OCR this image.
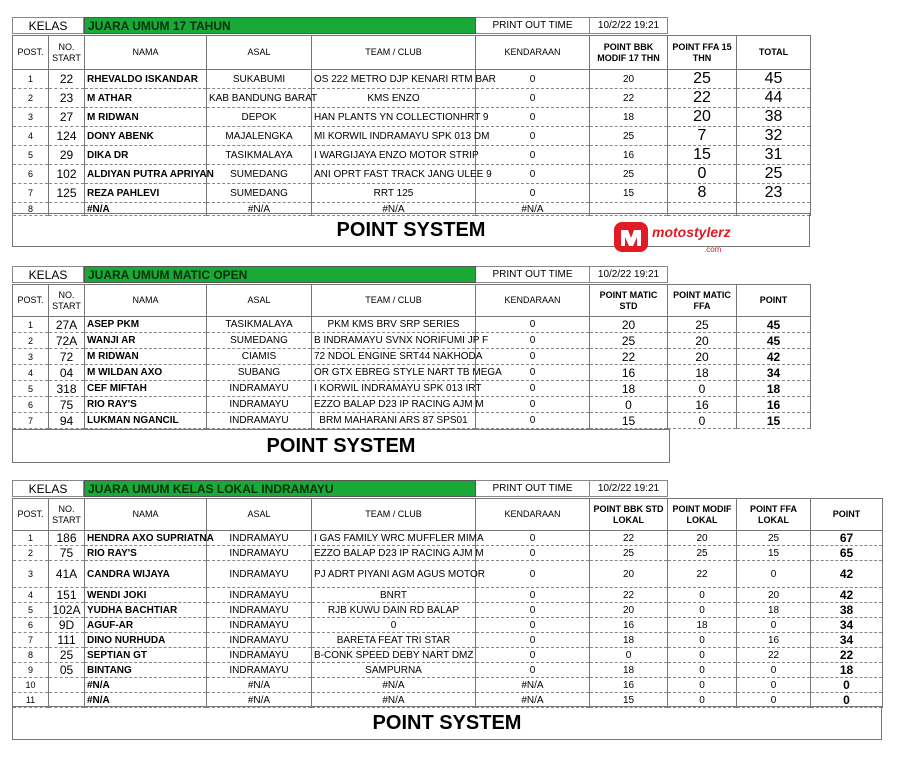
KELAS	JUARA UMUM 17 TAHUN	PRINT OUT TIME	10/2/22 19:21
POST.	NO. START	NAMA	ASAL	TEAM / CLUB	KENDARAAN	POINT BBK MODIF 17 THN	POINT FFA 15 THN	TOTAL
1	22	RHEVALDO ISKANDAR	SUKABUMI	OS 222 METRO DJP KENARI RTM BAR	0	20	25	45
2	23	M ATHAR	KAB BANDUNG BARAT	KMS ENZO	0	22	22	44
3	27	M RIDWAN	DEPOK	HAN PLANTS YN COLLECTIONHRT 9	0	18	20	38
4	124	DONY ABENK	MAJALENGKA	MI KORWIL INDRAMAYU SPK 013 DM	0	25	7	32
5	29	DIKA DR	TASIKMALAYA	I WARGIJAYA ENZO MOTOR STRIP	0	16	15	31
6	102	ALDIYAN PUTRA APRIYAN	SUMEDANG	ANI OPRT FAST TRACK JANG ULEE 9	0	25	0	25
7	125	REZA PAHLEVI	SUMEDANG	RRT 125	0	15	8	23
8		#N/A	#N/A	#N/A	#N/A			
POINT SYSTEM
KELAS	JUARA UMUM MATIC OPEN	PRINT OUT TIME	10/2/22 19:21
POST.	NO. START	NAMA	ASAL	TEAM / CLUB	KENDARAAN	POINT MATIC STD	POINT MATIC FFA	POINT
1	27A	ASEP PKM	TASIKMALAYA	PKM KMS BRV SRP SERIES	0	20	25	45
2	72A	WANJI AR	SUMEDANG	B INDRAMAYU SVNX NORIFUMI JP F	0	25	20	45
3	72	M RIDWAN	CIAMIS	72 NDOL ENGINE SRT44 NAKHODA	0	22	20	42
4	04	M WILDAN AXO	SUBANG	OR GTX EBREG STYLE NART TB MEGA	0	16	18	34
5	318	CEF MIFTAH	INDRAMAYU	I KORWIL INDRAMAYU SPK 013 IRT	0	18	0	18
6	75	RIO RAY'S	INDRAMAYU	EZZO BALAP D23 IP RACING AJM M	0	0	16	16
7	94	LUKMAN NGANCIL	INDRAMAYU	BRM MAHARANI ARS 87 SPS01	0	15	0	15
POINT SYSTEM
KELAS	JUARA UMUM KELAS LOKAL INDRAMAYU	PRINT OUT TIME	10/2/22 19:21
POST.	NO. START	NAMA	ASAL	TEAM / CLUB	KENDARAAN	POINT BBK STD LOKAL	POINT MODIF LOKAL	POINT FFA LOKAL	POINT
1	186	HENDRA AXO SUPRIATNA	INDRAMAYU	I GAS FAMILY WRC MUFFLER MIMA	0	22	20	25	67
2	75	RIO RAY'S	INDRAMAYU	EZZO BALAP D23 IP RACING AJM M	0	25	25	15	65
3	41A	CANDRA WIJAYA	INDRAMAYU	PJ ADRT PIYANI AGM AGUS MOTOR	0	20	22	0	42
4	151	WENDI JOKI	INDRAMAYU	BNRT	0	22	0	20	42
5	102A	YUDHA BACHTIAR	INDRAMAYU	RJB KUWU DAIN RD BALAP	0	20	0	18	38
6	9D	AGUF-AR	INDRAMAYU	0	0	16	18	0	34
7	111	DINO NURHUDA	INDRAMAYU	BARETA FEAT TRI STAR	0	18	0	16	34
8	25	SEPTIAN GT	INDRAMAYU	B-CONK SPEED DEBY NART DMZ	0	0	0	22	22
9	05	BINTANG	INDRAMAYU	SAMPURNA	0	18	0	0	18
10		#N/A	#N/A	#N/A	#N/A	16	0	0	0
11		#N/A	#N/A	#N/A	#N/A	15	0	0	0
POINT SYSTEM
motostylerz
.com
